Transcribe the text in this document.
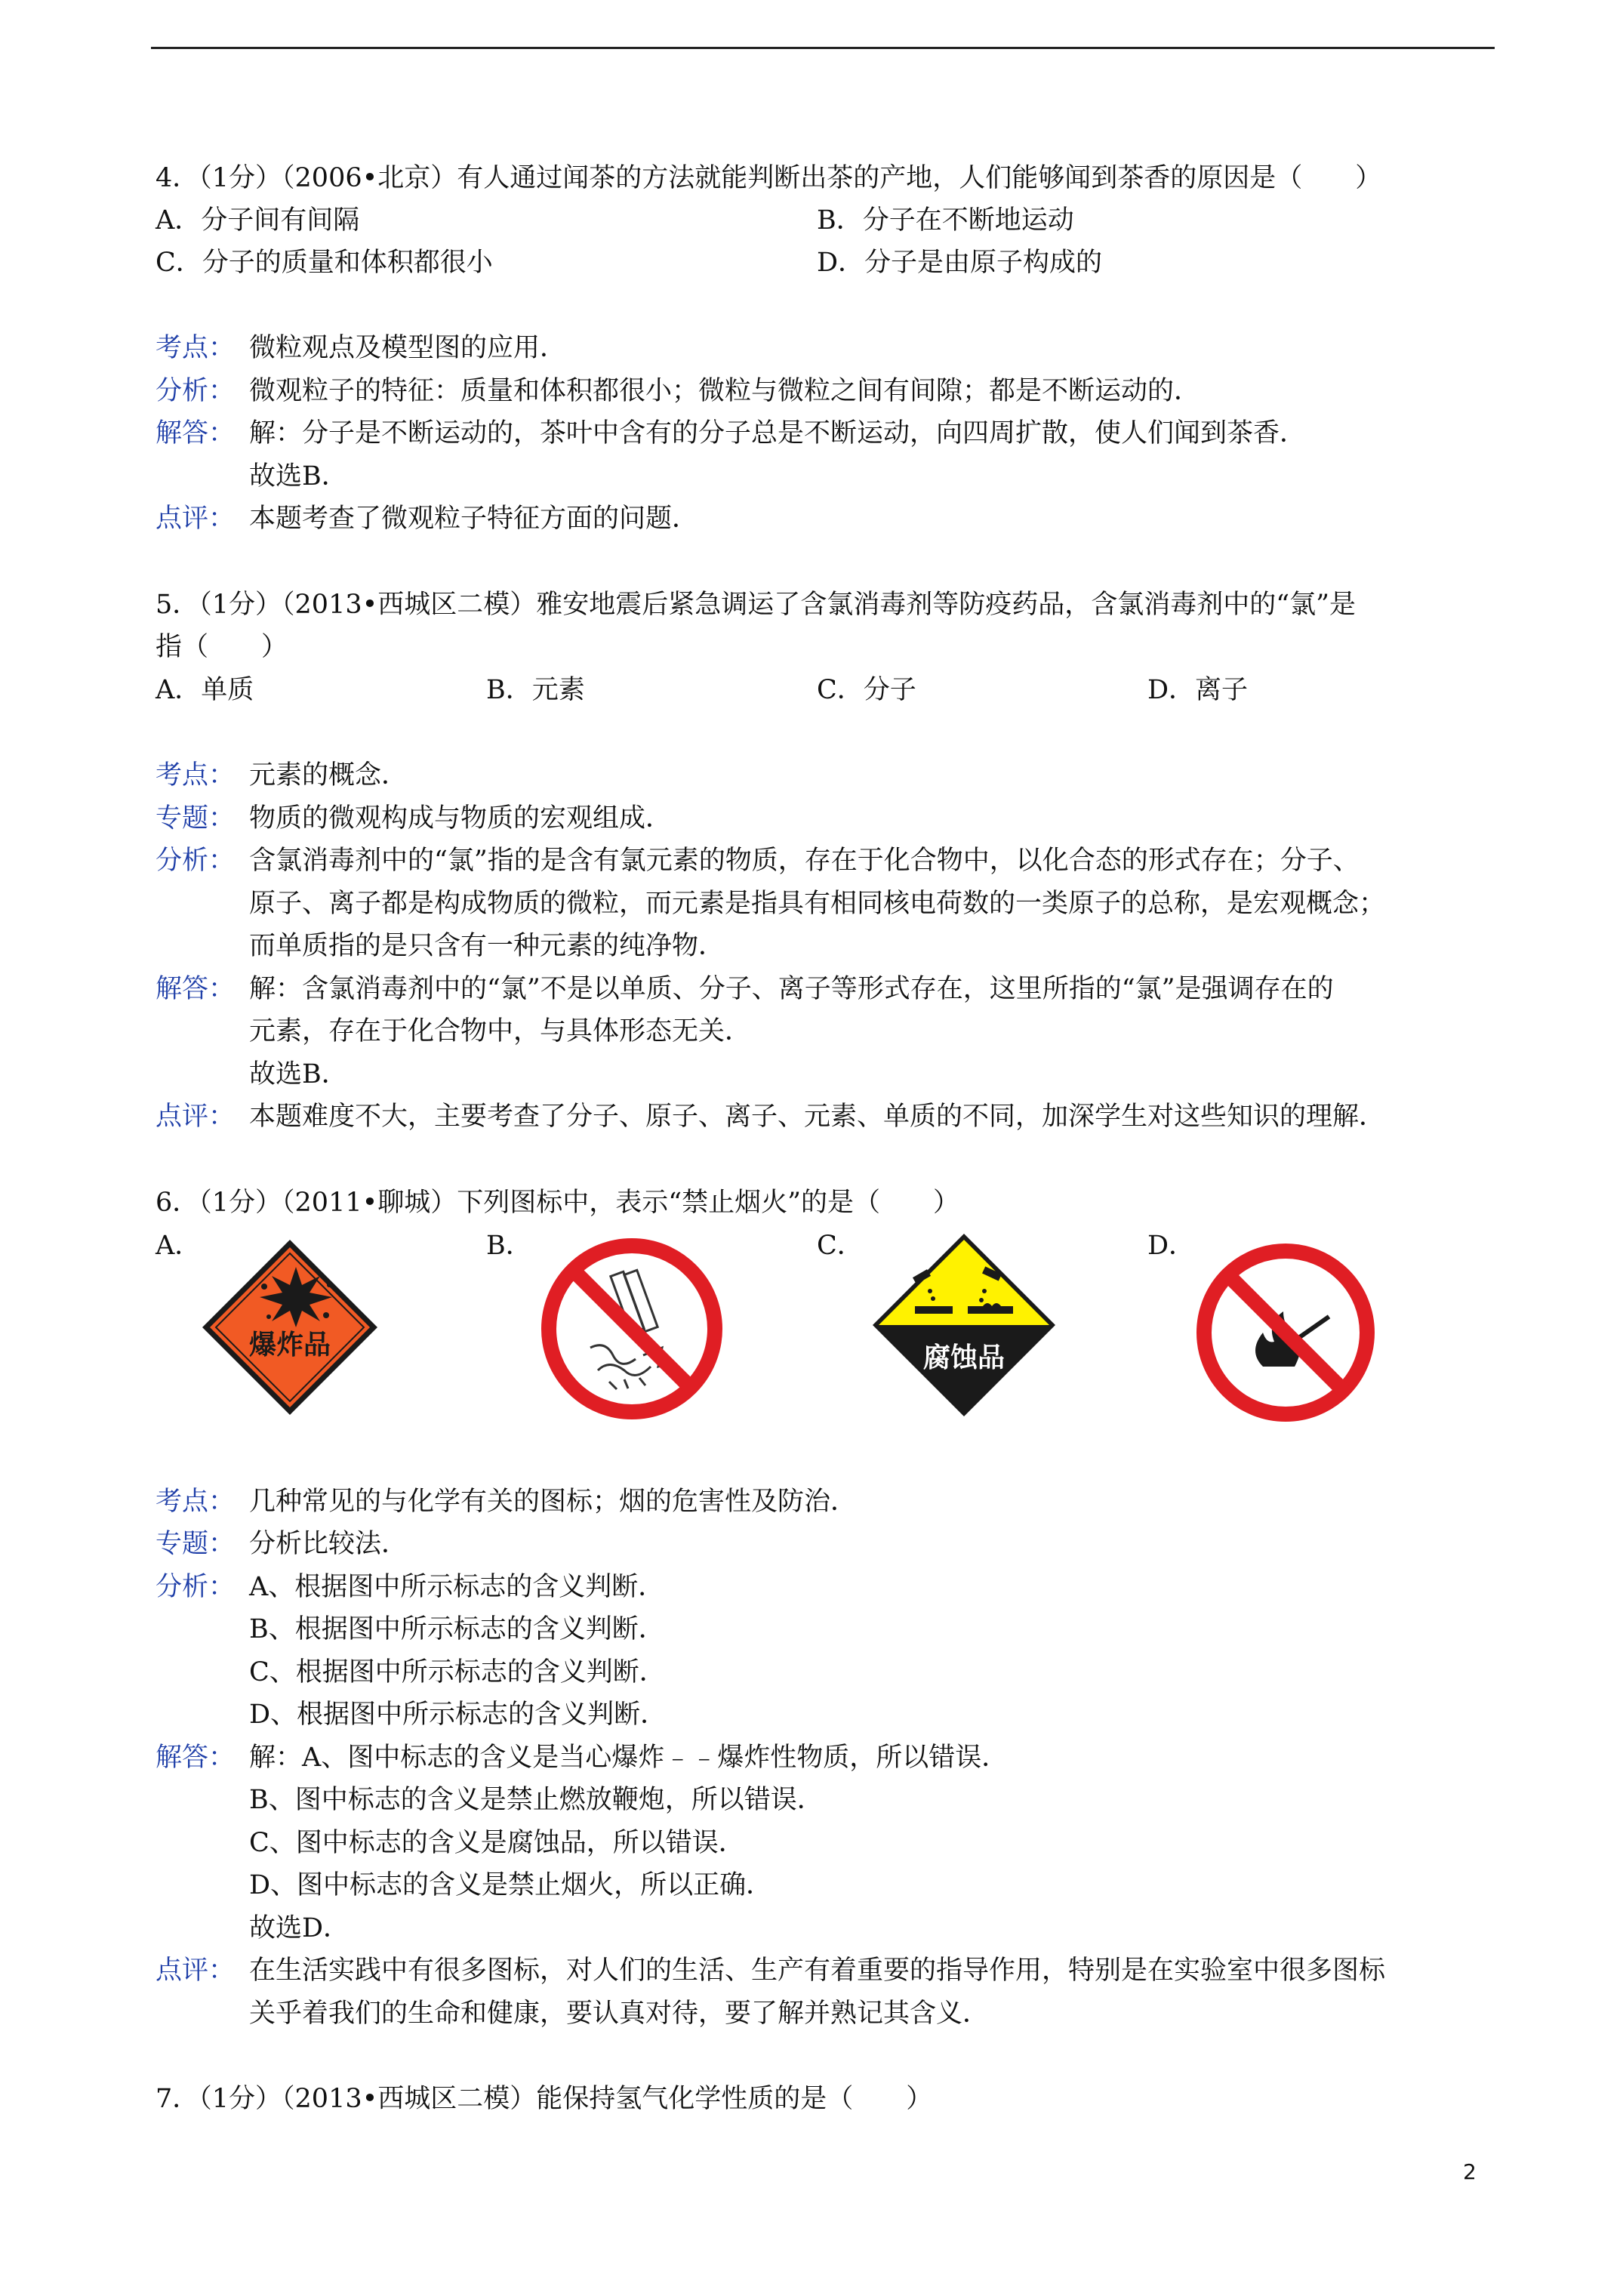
4．（1分）（2006•北京）有人通过闻茶的方法就能判断出茶的产地，人们能够闻到茶香的原因是（　　）
A．分子间有间隔	B．分子在不断地运动
C．分子的质量和体积都很小	D．分子是由原子构成的
考点： 微粒观点及模型图的应用．
分析： 微观粒子的特征：质量和体积都很小；微粒与微粒之间有间隙；都是不断运动的．
解答： 解：分子是不断运动的，茶叶中含有的分子总是不断运动，向四周扩散，使人们闻到茶香．
故选B．
点评： 本题考查了微观粒子特征方面的问题．
5．（1分）（2013•西城区二模）雅安地震后紧急调运了含氯消毒剂等防疫药品，含氯消毒剂中的“氯”是
指（　　）
A．单质	B．元素	C．分子	D．离子
考点： 元素的概念．
专题： 物质的微观构成与物质的宏观组成．
分析： 含氯消毒剂中的“氯”指的是含有氯元素的物质，存在于化合物中，以化合态的形式存在；分子、
原子、离子都是构成物质的微粒，而元素是指具有相同核电荷数的一类原子的总称，是宏观概念；
而单质指的是只含有一种元素的纯净物．
解答： 解：含氯消毒剂中的“氯”不是以单质、分子、离子等形式存在，这里所指的“氯”是强调存在的
元素，存在于化合物中，与具体形态无关．
故选B．
点评： 本题难度不大，主要考查了分子、原子、离子、元素、单质的不同，加深学生对这些知识的理解．
6．（1分）（2011•聊城）下列图标中，表示“禁止烟火”的是（　　）
A．	B．	C．	D．
爆炸品	腐蚀品
考点： 几种常见的与化学有关的图标；烟的危害性及防治．
专题： 分析比较法．
分析： A、根据图中所示标志的含义判断．
B、根据图中所示标志的含义判断．
C、根据图中所示标志的含义判断．
D、根据图中所示标志的含义判断．
解答： 解：A、图中标志的含义是当心爆炸﹣﹣爆炸性物质，所以错误．
B、图中标志的含义是禁止燃放鞭炮，所以错误．
C、图中标志的含义是腐蚀品，所以错误．
D、图中标志的含义是禁止烟火，所以正确．
故选D．
点评： 在生活实践中有很多图标，对人们的生活、生产有着重要的指导作用，特别是在实验室中很多图标
关乎着我们的生命和健康，要认真对待，要了解并熟记其含义．
7．（1分）（2013•西城区二模）能保持氢气化学性质的是（　　）
2
